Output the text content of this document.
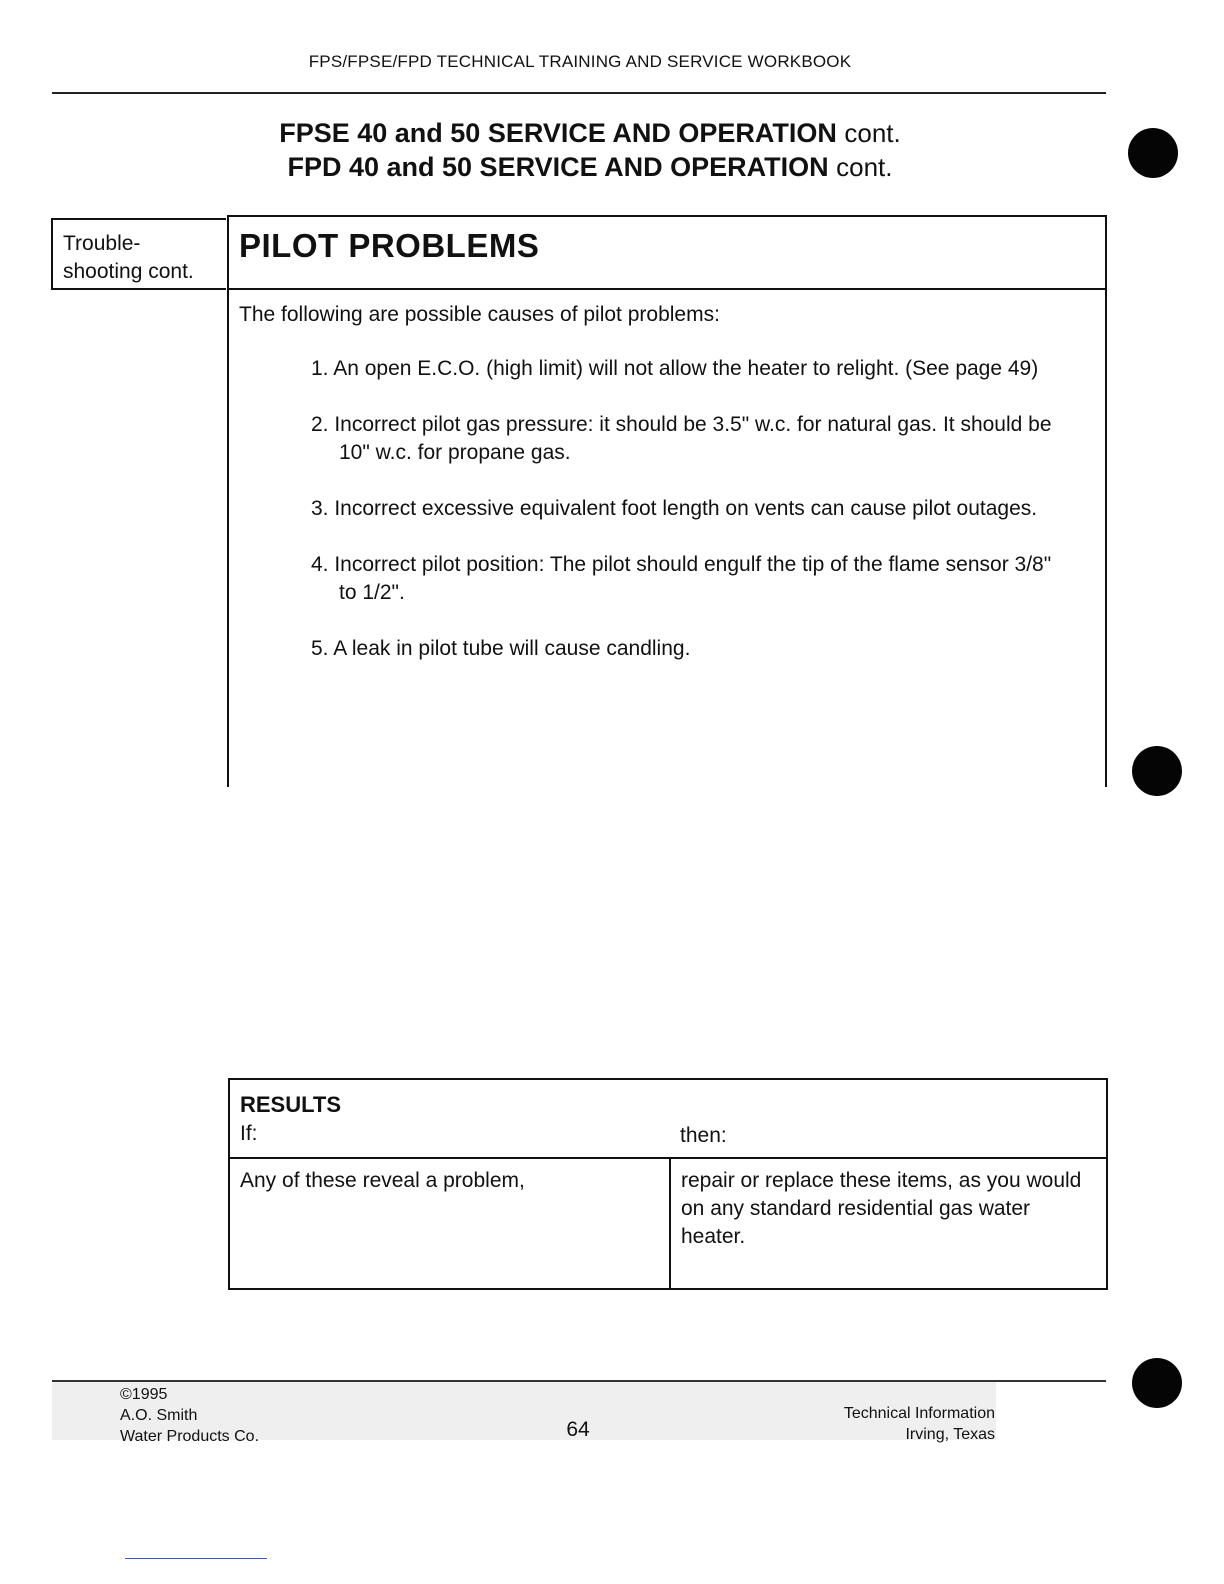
FPS/FPSE/FPD TECHNICAL TRAINING AND SERVICE WORKBOOK
FPSE 40 and 50 SERVICE AND OPERATION cont.
FPD 40 and 50 SERVICE AND OPERATION cont.
Trouble-
shooting cont.
PILOT PROBLEMS
The following are possible causes of pilot problems:
1. An open E.C.O. (high limit) will not allow the heater to relight. (See page 49)
2. Incorrect pilot gas pressure: it should be 3.5" w.c. for natural gas. It should be 10" w.c. for propane gas.
3. Incorrect excessive equivalent foot length on vents can cause pilot outages.
4. Incorrect pilot position: The pilot should engulf the tip of the flame sensor 3/8" to 1/2".
5. A leak in pilot tube will cause candling.
RESULTS
If:	then:
Any of these reveal a problem,	repair or replace these items, as you would on any standard residential gas water heater.
©1995
A.O. Smith
Water Products Co.	64
Technical Information
Irving, Texas
